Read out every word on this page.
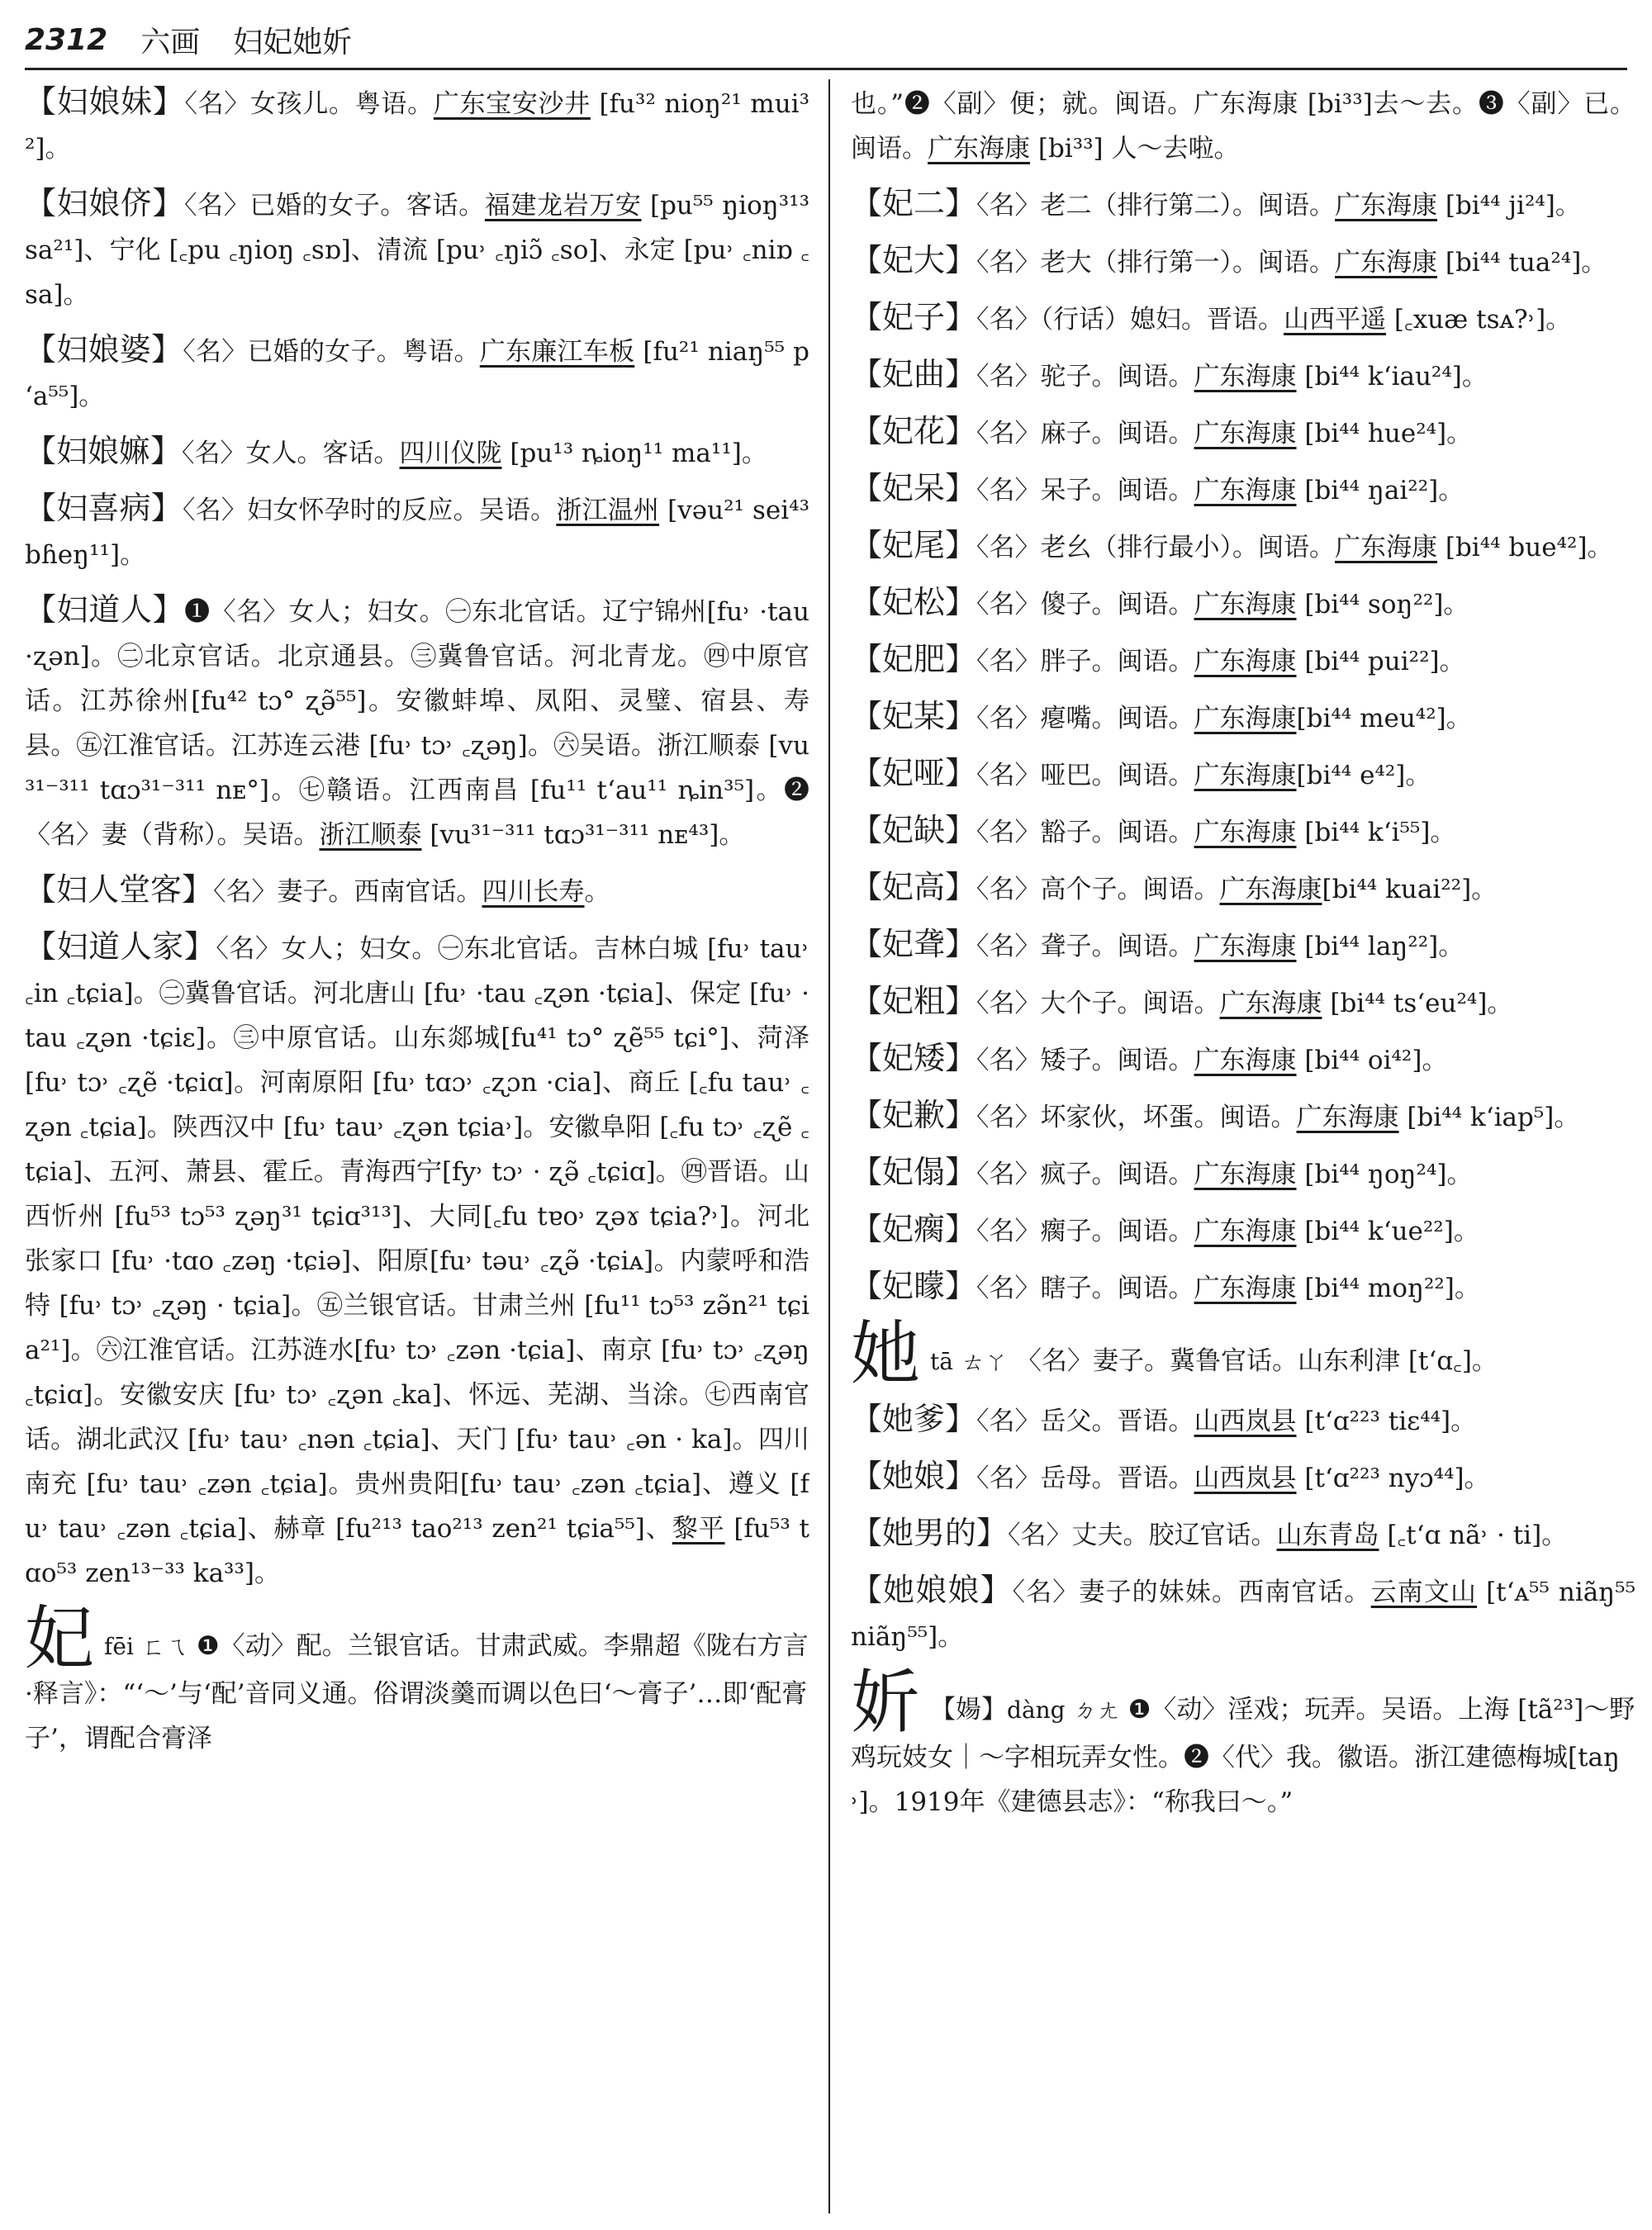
2312 六画 妇妃她妡
【妇娘妹】〈名〉女孩儿。粤语。广东宝安沙井 [fu³² nioŋ²¹ mui³²]。
【妇娘侪】〈名〉已婚的女子。客话。福建龙岩万安 [pu⁵⁵ ŋioŋ³¹³ sa²¹]、宁化 [꜀pu ꜀ŋioŋ ꜀sɒ]、清流 [pu˒ ꜀ŋiɔ̃ ꜀so]、永定 [pu˒ ꜀niɒ ꜀sa]。
【妇娘婆】〈名〉已婚的女子。粤语。广东廉江车板 [fu²¹ niaŋ⁵⁵ pʻa⁵⁵]。
【妇娘嫲】〈名〉女人。客话。四川仪陇 [pu¹³ ȵioŋ¹¹ ma¹¹]。
【妇喜病】〈名〉妇女怀孕时的反应。吴语。浙江温州 [vəu²¹ sei⁴³ bɦeŋ¹¹]。
【妇道人】❶〈名〉女人；妇女。㊀东北官话。辽宁锦州[fu˒ ·tau ·ʐən]。㊁北京官话。北京通县。㊂冀鲁官话。河北青龙。㊃中原官话。江苏徐州[fu⁴² tɔ° ʐə̃⁵⁵]。安徽蚌埠、凤阳、灵璧、宿县、寿县。㊄江淮官话。江苏连云港 [fu˒ tɔ˒ ꜀ʐəŋ]。㊅吴语。浙江顺泰 [vu³¹⁻³¹¹ tɑɔ³¹⁻³¹¹ nᴇ°]。㊆赣语。江西南昌 [fu¹¹ tʻau¹¹ ȵin³⁵]。❷〈名〉妻（背称）。吴语。浙江顺泰 [vu³¹⁻³¹¹ tɑɔ³¹⁻³¹¹ nᴇ⁴³]。
【妇人堂客】〈名〉妻子。西南官话。四川长寿。
【妇道人家】〈名〉女人；妇女。㊀东北官话。吉林白城 [fu˒ tau˒ ꜀in ꜀tɕia]。㊁冀鲁官话。河北唐山 [fu˒ ·tau ꜀ʐən ·tɕia]、保定 [fu˒ ·tau ꜀ʐən ·tɕiɛ]。㊂中原官话。山东郯城[fu⁴¹ tɔ° ʐẽ⁵⁵ tɕi°]、菏泽 [fu˒ tɔ˒ ꜀ʐẽ ·tɕiɑ]。河南原阳 [fu˒ tɑɔ˒ ꜀ʐɔn ·cia]、商丘 [꜀fu tau˒ ꜀ʐən ꜀tɕia]。陕西汉中 [fu˒ tau˒ ꜀ʐən tɕia˒]。安徽阜阳 [꜀fu tɔ˒ ꜀ʐẽ ꜀tɕia]、五河、萧县、霍丘。青海西宁[fy˒ tɔ˒ · ʐə̃ ꜀tɕiɑ]。㊃晋语。山西忻州 [fu⁵³ tɔ⁵³ ʐəŋ³¹ tɕiɑ³¹³]、大同[꜀fu tɐo˒ ʐəɤ tɕia?˒]。河北张家口 [fu˒ ·tɑo ꜀zəŋ ·tɕiə]、阳原[fu˒ təu˒ ꜀ʐə̃ ·tɕiᴀ]。内蒙呼和浩特 [fu˒ tɔ˒ ꜀ʐəŋ · tɕia]。㊄兰银官话。甘肃兰州 [fu¹¹ tɔ⁵³ zə̃n²¹ tɕia²¹]。㊅江淮官话。江苏涟水[fu˒ tɔ˒ ꜀zən ·tɕia]、南京 [fu˒ tɔ˒ ꜀ʐəŋ ꜀tɕiɑ]。安徽安庆 [fu˒ tɔ˒ ꜀ʐən ꜀ka]、怀远、芜湖、当涂。㊆西南官话。湖北武汉 [fu˒ tau˒ ꜀nən ꜀tɕia]、天门 [fu˒ tau˒ ꜀ən · ka]。四川南充 [fu˒ tau˒ ꜀zən ꜀tɕia]。贵州贵阳[fu˒ tau˒ ꜀zən ꜀tɕia]、遵义 [fu˒ tau˒ ꜀zən ꜀tɕia]、赫章 [fu²¹³ tao²¹³ zen²¹ tɕia⁵⁵]、黎平 [fu⁵³ tɑo⁵³ zen¹³⁻³³ ka³³]。
妃fēi ㄈㄟ ❶〈动〉配。兰银官话。甘肃武威。李鼎超《陇右方言·释言》：“‘～’与‘配’音同义通。俗谓淡羹而调以色曰‘～膏子’…即‘配膏子’，谓配合膏泽
也。”❷〈副〉便；就。闽语。广东海康 [bi³³]去～去。❸〈副〉已。闽语。广东海康 [bi³³] 人～去啦。
【妃二】〈名〉老二（排行第二）。闽语。广东海康 [bi⁴⁴ ji²⁴]。
【妃大】〈名〉老大（排行第一）。闽语。广东海康 [bi⁴⁴ tua²⁴]。
【妃子】〈名〉（行话）媳妇。晋语。山西平遥 [꜀xuæ tsᴀ?˒]。
【妃曲】〈名〉驼子。闽语。广东海康 [bi⁴⁴ kʻiau²⁴]。
【妃花】〈名〉麻子。闽语。广东海康 [bi⁴⁴ hue²⁴]。
【妃呆】〈名〉呆子。闽语。广东海康 [bi⁴⁴ ŋai²²]。
【妃尾】〈名〉老幺（排行最小）。闽语。广东海康 [bi⁴⁴ bue⁴²]。
【妃松】〈名〉傻子。闽语。广东海康 [bi⁴⁴ soŋ²²]。
【妃肥】〈名〉胖子。闽语。广东海康 [bi⁴⁴ pui²²]。
【妃某】〈名〉瘪嘴。闽语。广东海康[bi⁴⁴ meu⁴²]。
【妃哑】〈名〉哑巴。闽语。广东海康[bi⁴⁴ e⁴²]。
【妃缺】〈名〉豁子。闽语。广东海康 [bi⁴⁴ kʻi⁵⁵]。
【妃高】〈名〉高个子。闽语。广东海康[bi⁴⁴ kuai²²]。
【妃聋】〈名〉聋子。闽语。广东海康 [bi⁴⁴ laŋ²²]。
【妃粗】〈名〉大个子。闽语。广东海康 [bi⁴⁴ tsʻeu²⁴]。
【妃矮】〈名〉矮子。闽语。广东海康 [bi⁴⁴ oi⁴²]。
【妃歉】〈名〉坏家伙，坏蛋。闽语。广东海康 [bi⁴⁴ kʻiap⁵]。
【妃傝】〈名〉疯子。闽语。广东海康 [bi⁴⁴ ŋoŋ²⁴]。
【妃瘸】〈名〉瘸子。闽语。广东海康 [bi⁴⁴ kʻue²²]。
【妃矇】〈名〉瞎子。闽语。广东海康 [bi⁴⁴ moŋ²²]。
她tā ㄊㄚ 〈名〉妻子。冀鲁官话。山东利津 [tʻɑ꜀]。
【她爹】〈名〉岳父。晋语。山西岚县 [tʻɑ²²³ tiɛ⁴⁴]。
【她娘】〈名〉岳母。晋语。山西岚县 [tʻɑ²²³ nyɔ⁴⁴]。
【她男的】〈名〉丈夫。胶辽官话。山东青岛 [꜀tʻɑ nã˒ · ti]。
【她娘娘】〈名〉妻子的妹妹。西南官话。云南文山 [tʻᴀ⁵⁵ niãŋ⁵⁵ niãŋ⁵⁵]。
妡 【婸】dàng ㄉㄤ ❶〈动〉淫戏；玩弄。吴语。上海 [tã²³]～野鸡玩妓女｜～字相玩弄女性。❷〈代〉我。徽语。浙江建德梅城[taŋ˒]。1919年《建德县志》：“称我曰～。”
